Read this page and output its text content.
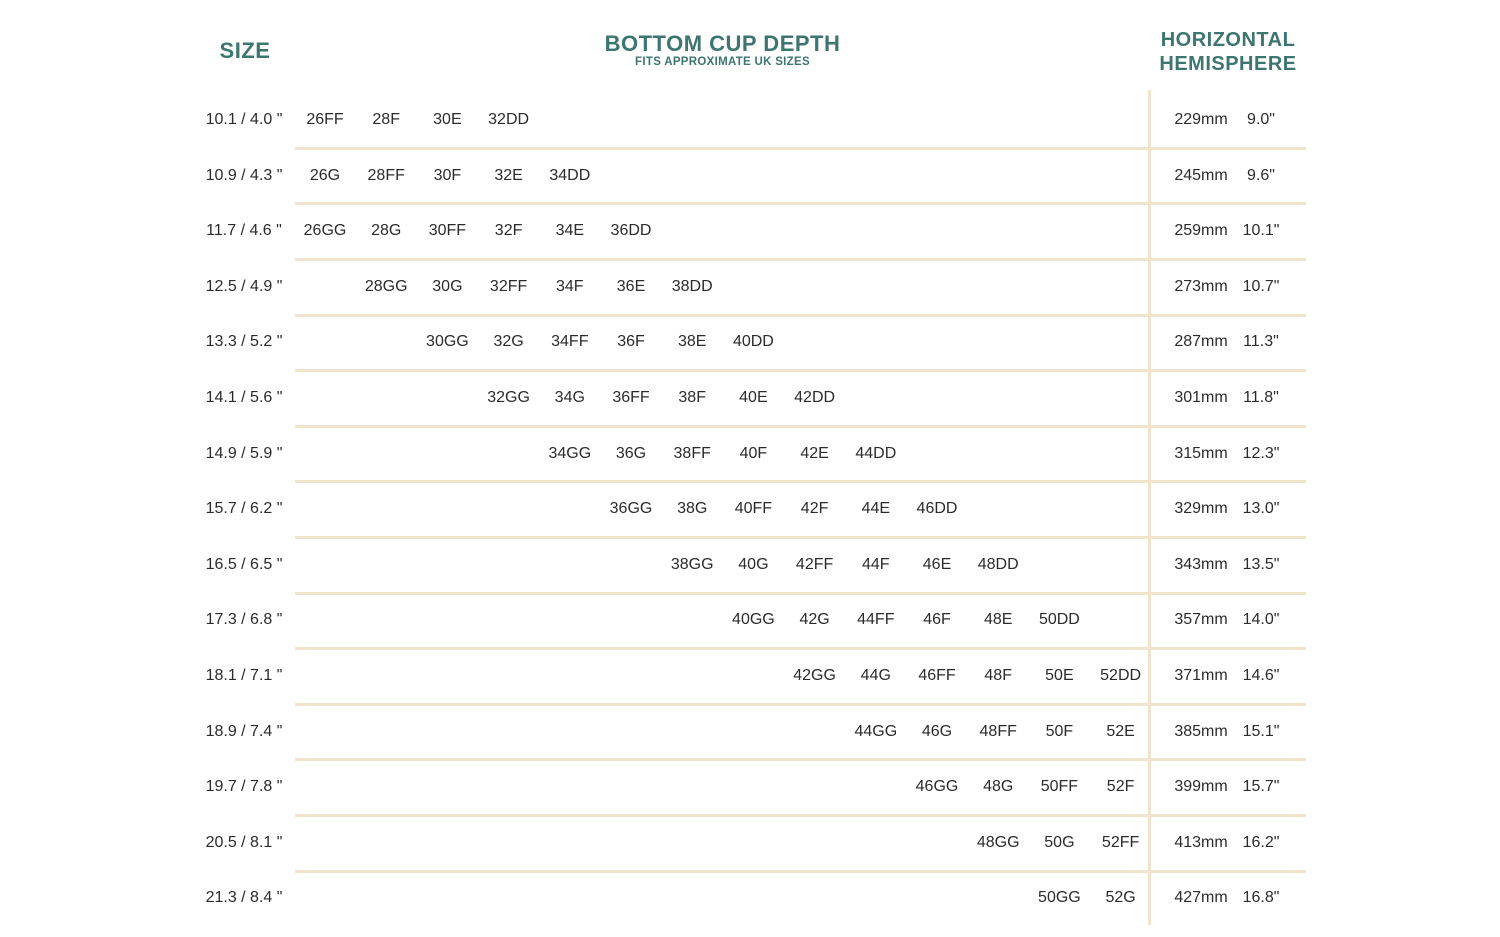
SIZE	BOTTOM CUP DEPTH
FITS APPROXIMATE UK SIZES
HORIZONTAL
HEMISPHERE
10.1 / 4.0 " 26FF 28F 30E 32DD	229mm 9.0"
10.9 / 4.3 " 26G 28FF 30F 32E 34DD	245mm 9.6"
11.7 / 4.6 " 26GG 28G 30FF 32F 34E 36DD	259mm 10.1"
12.5 / 4.9 "	28GG 30G 32FF 34F 36E 38DD	273mm 10.7"
13.3 / 5.2 "	30GG 32G 34FF 36F 38E 40DD	287mm 11.3"
14.1 / 5.6 "	32GG 34G 36FF 38F 40E 42DD	301mm 11.8"
14.9 / 5.9 "	34GG 36G 38FF 40F 42E 44DD	315mm 12.3"
15.7 / 6.2 "	36GG 38G 40FF 42F 44E 46DD	329mm 13.0"
16.5 / 6.5 "	38GG 40G 42FF 44F 46E 48DD	343mm 13.5"
17.3 / 6.8 "	40GG 42G 44FF 46F 48E 50DD	357mm 14.0"
18.1 / 7.1 "	42GG 44G 46FF 48F 50E 52DD 371mm 14.6"
18.9 / 7.4 "	44GG 46G 48FF 50F 52E 385mm 15.1"
19.7 / 7.8 "	46GG 48G 50FF 52F 399mm 15.7"
20.5 / 8.1 "	48GG 50G 52FF 413mm 16.2"
21.3 / 8.4 "	50GG 52G 427mm 16.8"
